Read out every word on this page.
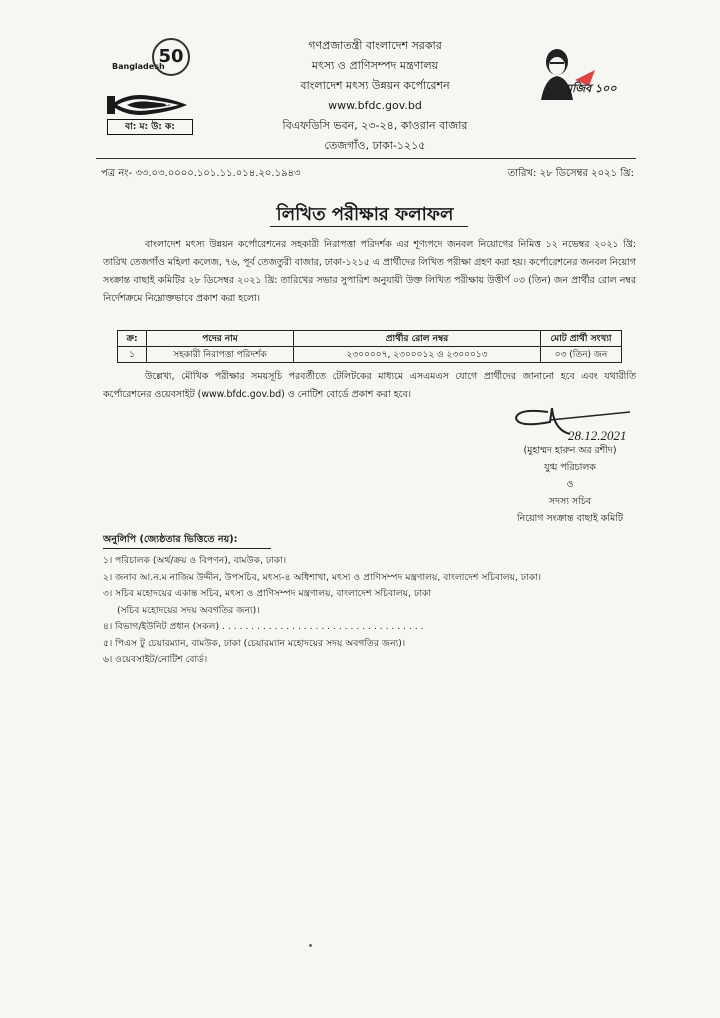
Bangladesh
50
বা: ম: উ: ক:
গণপ্রজাতন্ত্রী বাংলাদেশ সরকার
মৎস্য ও প্রাণিসম্পদ মন্ত্রণালয়
বাংলাদেশ মৎস্য উন্নয়ন কর্পোরেশন
www.bfdc.gov.bd
বিএফডিসি ভবন, ২৩-২৪, কাওরান বাজার
তেজগাঁও, ঢাকা-১২১৫
মুজিব ১০০
পত্র নং- ৩৩.০৩.০০০০.১০১.১১.০১৪.২০.১৯৪৩	তারিখ: ২৮ ডিসেম্বর ২০২১ খ্রি:
লিখিত পরীক্ষার ফলাফল
বাংলাদেশ মৎস্য উন্নয়ন কর্পোরেশনের সহকারী নিরাপত্তা পরিদর্শক এর শূণ্যপদে জনবল নিয়োগের নিমিত্ত ১২ নভেম্বর ২০২১ খ্রি: তারিখ তেজগাঁও মহিলা কলেজ, ৭৬, পূর্ব তেজতুরী বাজার, ঢাকা-১২১৫ এ প্রার্থীদের লিখিত পরীক্ষা গ্রহণ করা হয়। কর্পোরেশনের জনবল নিয়োগ সংক্রান্ত বাছাই কমিটির ২৮ ডিসেম্বর ২০২১ খ্রি: তারিখের সভার সুপারিশ অনুযায়ী উক্ত লিখিত পরীক্ষায় উত্তীর্ণ ০৩ (তিন) জন প্রার্থীর রোল নম্বর নির্দেশক্রমে নিম্নোক্তভাবে প্রকাশ করা হলো।
ক্র:	পদের নাম	প্রার্থীর রোল নম্বর	মোট প্রার্থী সংখ্যা
১	সহকারী নিরাপত্তা পরিদর্শক	২৩০০০০৭, ২৩০০০১২ ও ২৩০০০১৩	০৩ (তিন) জন
উল্লেখ্য, মৌখিক পরীক্ষার সময়সূচি পরবর্তীতে টেলিটকের মাধ্যমে এসএমএস যোগে প্রার্থীদের জানানো হবে এবং যথারীতি কর্পোরেশনের ওয়েবসাইট (www.bfdc.gov.bd) ও নোটিশ বোর্ডে প্রকাশ করা হবে।
28.12.2021
(মুহাম্মদ হারুন অর রশীদ)
যুগ্ম পরিচালক
ও
সদস্য সচিব
নিয়োগ সংক্রান্ত বাছাই কমিটি
অনুলিপি (জ্যেষ্ঠতার ভিত্তিতে নয়):
১। পরিচালক (অর্থ/ক্রয় ও বিপণন), বামউক, ঢাকা।
২। জনাব আ.ন.ম নাজিম উদ্দীন, উপসচিব, মৎস্য-৪ অধিশাখা, মৎস্য ও প্রাণিসম্পদ মন্ত্রণালয়, বাংলাদেশ সচিবালয়, ঢাকা।
৩। সচিব মহোদয়ের একান্ত সচিব, মৎস্য ও প্রাণিসম্পদ মন্ত্রণালয়, বাংলাদেশ সচিবালয়, ঢাকা
(সচিব মহোদয়ের সদয় অবগতির জন্য)।
৪। বিভাগ/ইউনিট প্রধান (সকল) . . . . . . . . . . . . . . . . . . . . . . . . . . . . . . . . . . .
৫। পিএস টু চেয়ারম্যান, বামউক, ঢাকা (চেয়ারম্যান মহোদয়ের সদয় অবগতির জন্য)।
৬। ওয়েবসাইট/নোটিশ বোর্ড।
